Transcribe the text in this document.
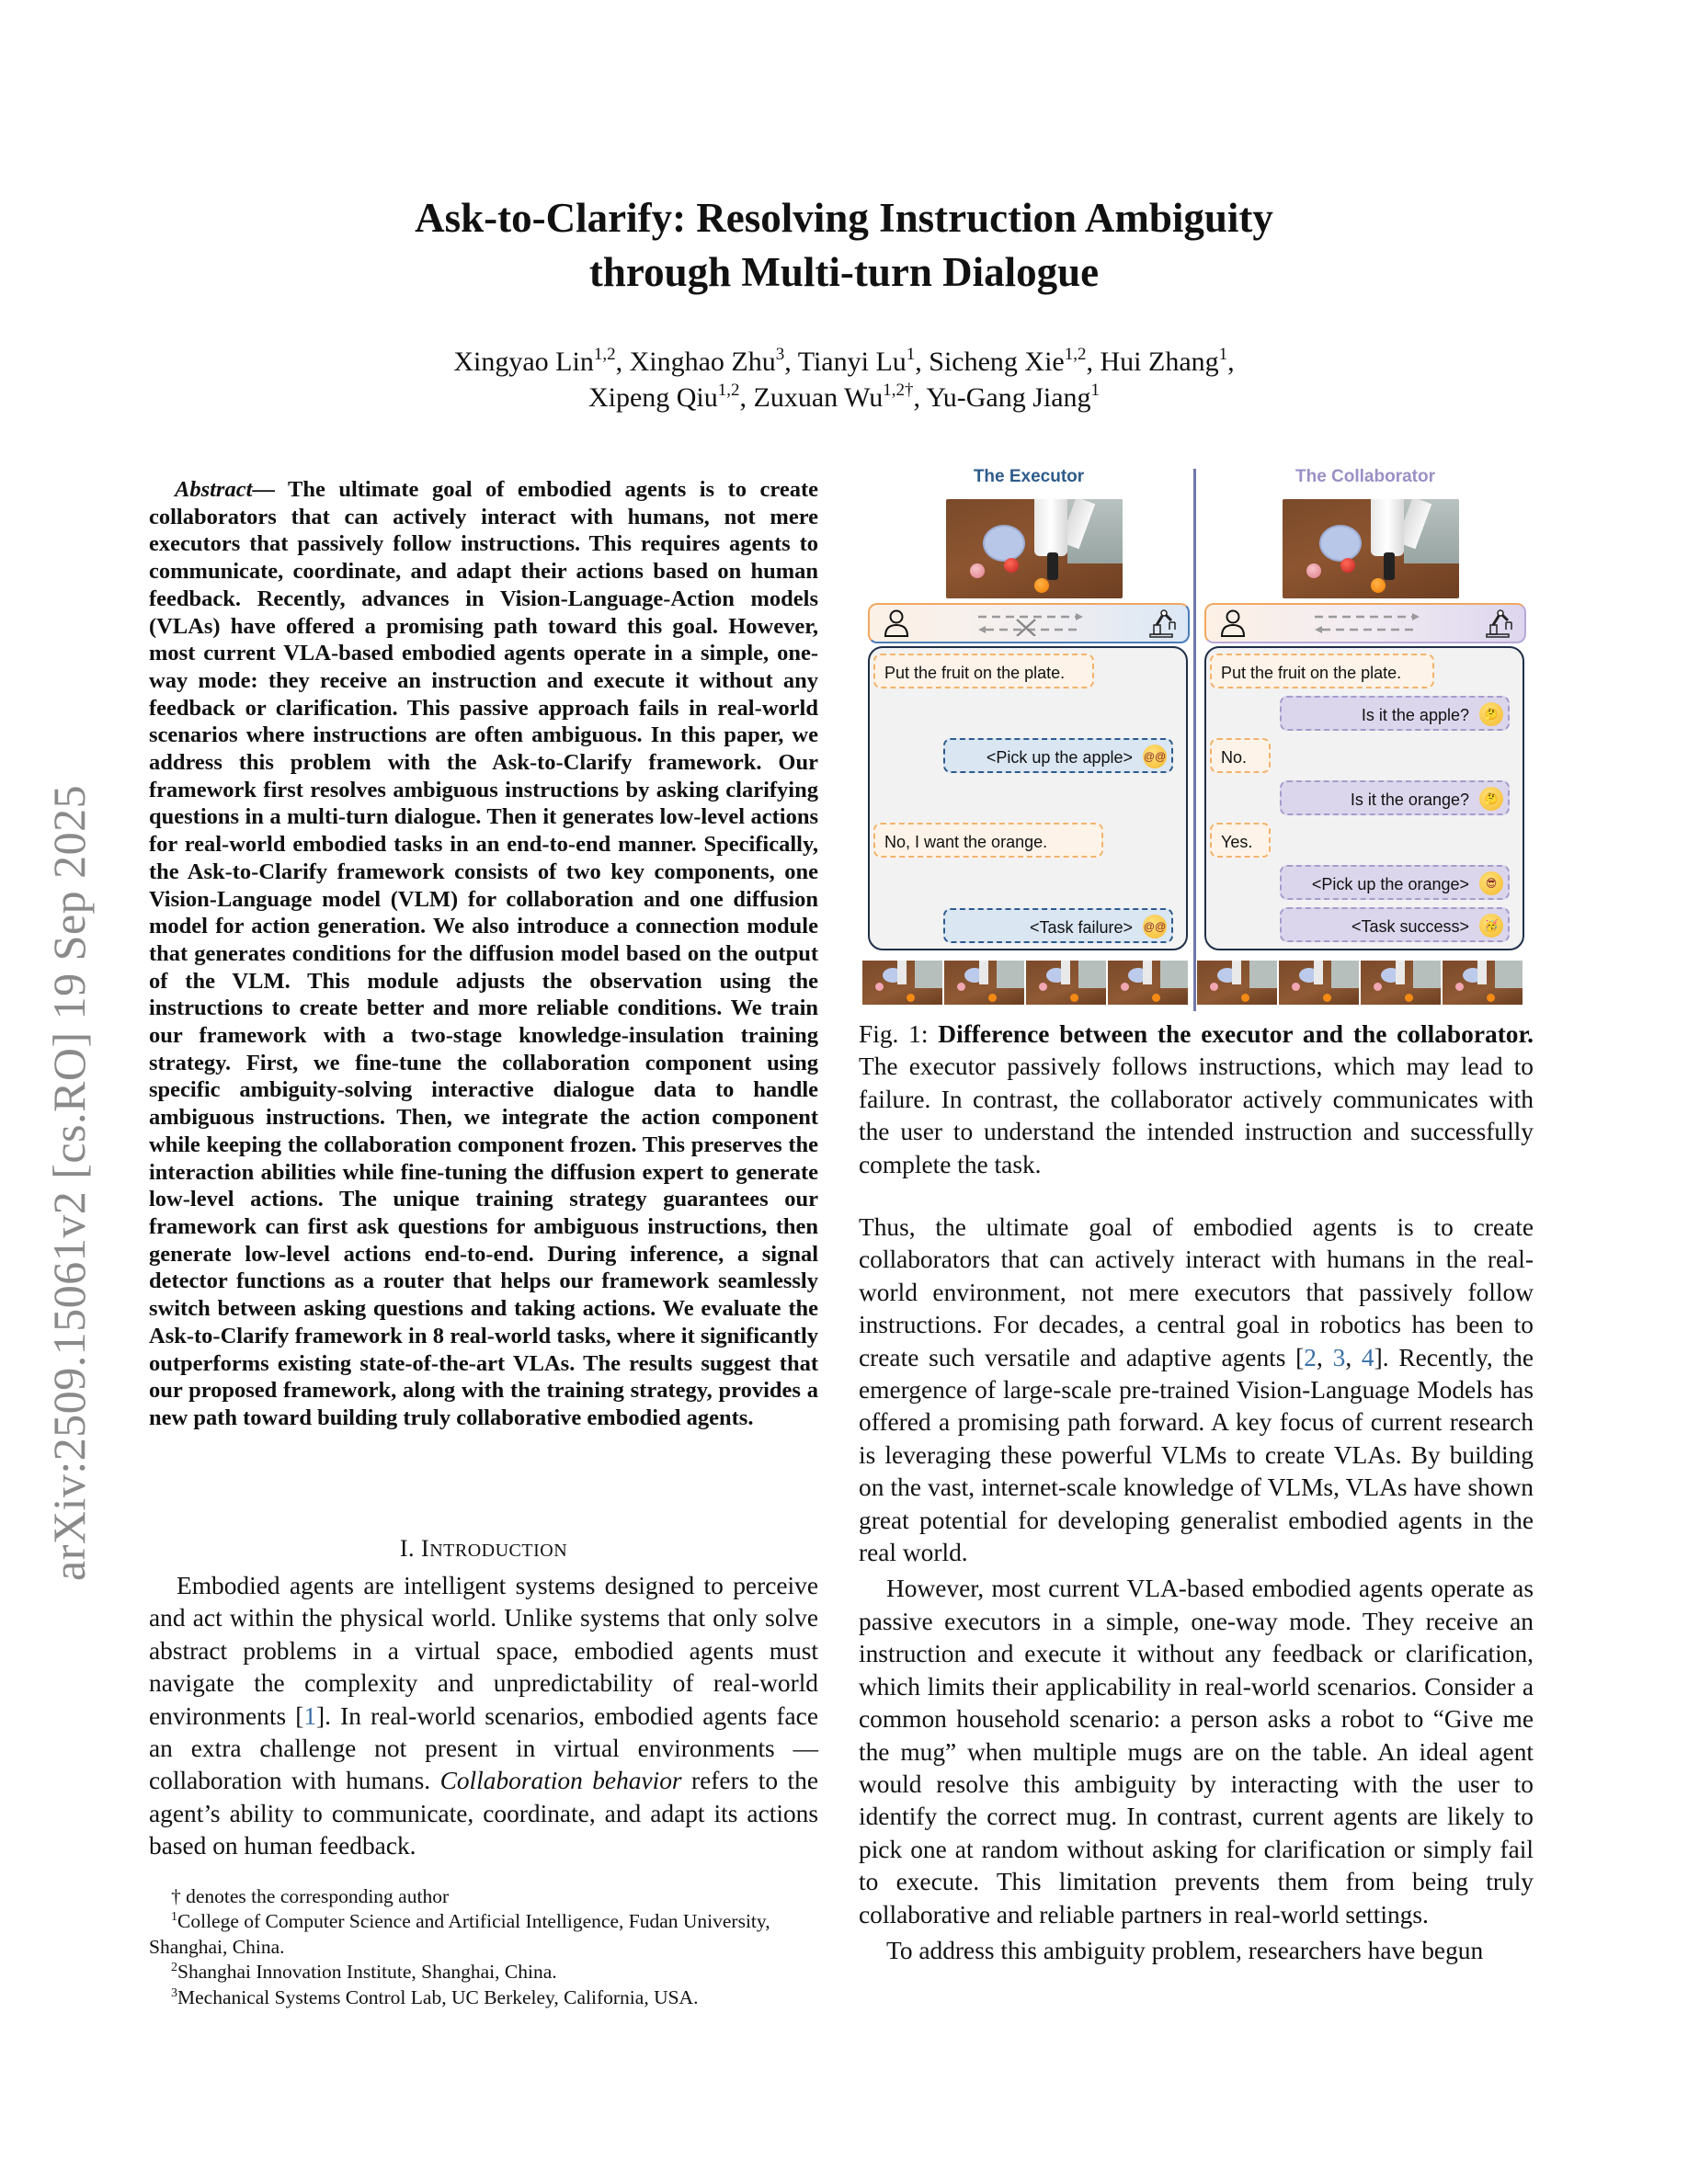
arXiv:2509.15061v2 [cs.RO] 19 Sep 2025
Ask-to-Clarify: Resolving Instruction Ambiguity
through Multi-turn Dialogue
Xingyao Lin$^{1,2}$, Xinghao Zhu$^3$, Tianyi Lu$^1$, Sicheng Xie$^{1,2}$, Hui Zhang$^1$,
Xipeng Qiu$^{1,2}$, Zuxuan $Wu^{1,2\dagger}$, Yu-Gang Jiang$^1$

Abstract— The ultimate goal of embodied agents is to create collaborators that can actively interact with humans, not mere executors that passively follow instructions. This requires agents to communicate, coordinate, and adapt their actions based on human feedback. Recently, advances in Vision-Language-Action models (VLAs) have offered a promising path toward this goal. However, most current VLA-based embodied agents operate in a simple, one-way mode: they receive an instruction and execute it without any feedback or clarification. This passive approach fails in real-world scenarios where instructions are often ambiguous. In this paper, we address this problem with the Ask-to-Clarify framework. Our framework first resolves ambiguous instructions by asking clarifying questions in a multi-turn dialogue. Then it generates low-level actions for real-world embodied tasks in an end-to-end manner. Specifically, the Ask-to-Clarify framework consists of two key components, one Vision-Language model (VLM) for collaboration and one diffusion model for action generation. We also introduce a connection module that generates conditions for the diffusion model based on the output of the VLM. This module adjusts the observation using the instructions to create better and more reliable conditions. We train our framework with a two-stage knowledge-insulation training strategy. First, we fine-tune the collaboration component using specific ambiguity-solving interactive dialogue data to handle ambiguous instructions. Then, we integrate the action component while keeping the collaboration component frozen. This preserves the interaction abilities while fine-tuning the diffusion expert to generate low-level actions. The unique training strategy guarantees our framework can first ask questions for ambiguous instructions, then generate low-level actions end-to-end. During inference, a signal detector functions as a router that helps our framework seamlessly switch between asking questions and taking actions. We evaluate the Ask-to-Clarify framework in 8 real-world tasks, where it significantly outperforms existing state-of-the-art VLAs. The results suggest that our proposed framework, along with the training strategy, provides a new path toward building truly collaborative embodied agents.

I. INTRODUCTION

Embodied agents are intelligent systems designed to perceive and act within the physical world. Unlike systems that only solve abstract problems in a virtual space, embodied agents must navigate the complexity and unpredictability of real-world environments [1]. In real-world scenarios, embodied agents face an extra challenge not present in virtual environments — collaboration with humans. Collaboration behavior refers to the agent’s ability to communicate, coordinate, and adapt its actions based on human feedback.

† denotes the corresponding author

$^1$College of Computer Science and Artificial Intelligence, Fudan University, Shanghai, China.

$^2$Shanghai Innovation Institute, Shanghai, China.

$^3$Mechanical Systems Control Lab, UC Berkeley, California, USA.

The Executor
Put the fruit on the plate.
<Pick up the apple> @@
No, I want the orange.
<Task failure> @@
The Collaborator
Put the fruit on the plate.
Is it the apple?	🤔
No.
Is it the orange?	🤔
Yes.
<Pick up the orange>	😎
<Task success>	🥳
Fig. 1: Difference between the executor and the collaborator. The executor passively follows instructions, which may lead to failure. In contrast, the collaborator actively communicates with the user to understand the intended instruction and successfully complete the task.

Thus, the ultimate goal of embodied agents is to create collaborators that can actively interact with humans in the real-world environment, not mere executors that passively follow instructions. For decades, a central goal in robotics has been to create such versatile and adaptive agents [2, 3, 4]. Recently, the emergence of large-scale pre-trained Vision-Language Models has offered a promising path forward. A key focus of current research is leveraging these powerful VLMs to create VLAs. By building on the vast, internet-scale knowledge of VLMs, VLAs have shown great potential for developing generalist embodied agents in the real world.

However, most current VLA-based embodied agents operate as passive executors in a simple, one-way mode. They receive an instruction and execute it without any feedback or clarification, which limits their applicability in real-world scenarios. Consider a common household scenario: a person asks a robot to “Give me the mug” when multiple mugs are on the table. An ideal agent would resolve this ambiguity by interacting with the user to identify the correct mug. In contrast, current agents are likely to pick one at random without asking for clarification or simply fail to execute. This limitation prevents them from being truly collaborative and reliable partners in real-world settings.

To address this ambiguity problem, researchers have begun
